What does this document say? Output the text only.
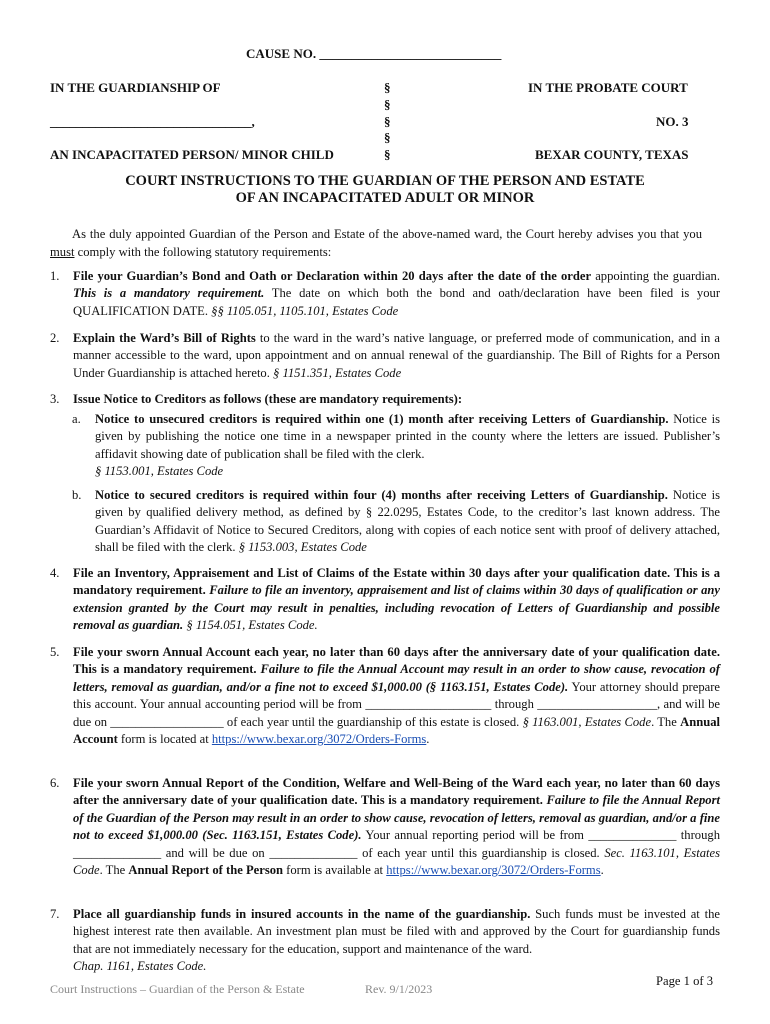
CAUSE NO. ____________________________
IN THE GUARDIANSHIP OF
_______________________________,
AN INCAPACITATED PERSON/ MINOR CHILD
§
§
§
§
§
IN THE PROBATE COURT
NO. 3
BEXAR COUNTY, TEXAS
COURT INSTRUCTIONS TO THE GUARDIAN OF THE PERSON AND ESTATE
OF AN INCAPACITATED ADULT OR MINOR
As the duly appointed Guardian of the Person and Estate of the above-named ward, the Court hereby advises you that you must comply with the following statutory requirements:
1. File your Guardian’s Bond and Oath or Declaration within 20 days after the date of the order appointing the guardian. This is a mandatory requirement. The date on which both the bond and oath/declaration have been filed is your QUALIFICATION DATE. §§ 1105.051, 1105.101, Estates Code
2. Explain the Ward’s Bill of Rights to the ward in the ward’s native language, or preferred mode of communication, and in a manner accessible to the ward, upon appointment and on annual renewal of the guardianship. The Bill of Rights for a Person Under Guardianship is attached hereto. § 1151.351, Estates Code
3. Issue Notice to Creditors as follows (these are mandatory requirements):
a. Notice to unsecured creditors is required within one (1) month after receiving Letters of Guardianship. Notice is given by publishing the notice one time in a newspaper printed in the county where the letters are issued. Publisher’s affidavit showing date of publication shall be filed with the clerk.
§ 1153.001, Estates Code
b. Notice to secured creditors is required within four (4) months after receiving Letters of Guardianship. Notice is given by qualified delivery method, as defined by § 22.0295, Estates Code, to the creditor’s last known address. The Guardian’s Affidavit of Notice to Secured Creditors, along with copies of each notice sent with proof of delivery attached, shall be filed with the clerk. § 1153.003, Estates Code
4. File an Inventory, Appraisement and List of Claims of the Estate within 30 days after your qualification date. This is a mandatory requirement. Failure to file an inventory, appraisement and list of claims within 30 days of qualification or any extension granted by the Court may result in penalties, including revocation of Letters of Guardianship and possible removal as guardian. § 1154.051, Estates Code.
5. File your sworn Annual Account each year, no later than 60 days after the anniversary date of your qualification date. This is a mandatory requirement. Failure to file the Annual Account may result in an order to show cause, revocation of letters, removal as guardian, and/or a fine not to exceed $1,000.00 (§ 1163.151, Estates Code). Your attorney should prepare this account. Your annual accounting period will be from ____________________ through ___________________, and will be due on __________________ of each year until the guardianship of this estate is closed. § 1163.001, Estates Code. The Annual Account form is located at https://www.bexar.org/3072/Orders-Forms.
6. File your sworn Annual Report of the Condition, Welfare and Well-Being of the Ward each year, no later than 60 days after the anniversary date of your qualification date. This is a mandatory requirement. Failure to file the Annual Report of the Guardian of the Person may result in an order to show cause, revocation of letters, removal as guardian, and/or a fine not to exceed $1,000.00 (Sec. 1163.151, Estates Code). Your annual reporting period will be from ______________ through ______________ and will be due on ______________ of each year until this guardianship is closed. Sec. 1163.101, Estates Code. The Annual Report of the Person form is available at https://www.bexar.org/3072/Orders-Forms.
7. Place all guardianship funds in insured accounts in the name of the guardianship. Such funds must be invested at the highest interest rate then available. An investment plan must be filed with and approved by the Court for guardianship funds that are not immediately necessary for the education, support and maintenance of the ward.
Chap. 1161, Estates Code.
Court Instructions – Guardian of the Person & Estate	Rev. 9/1/2023
Page 1 of 3
